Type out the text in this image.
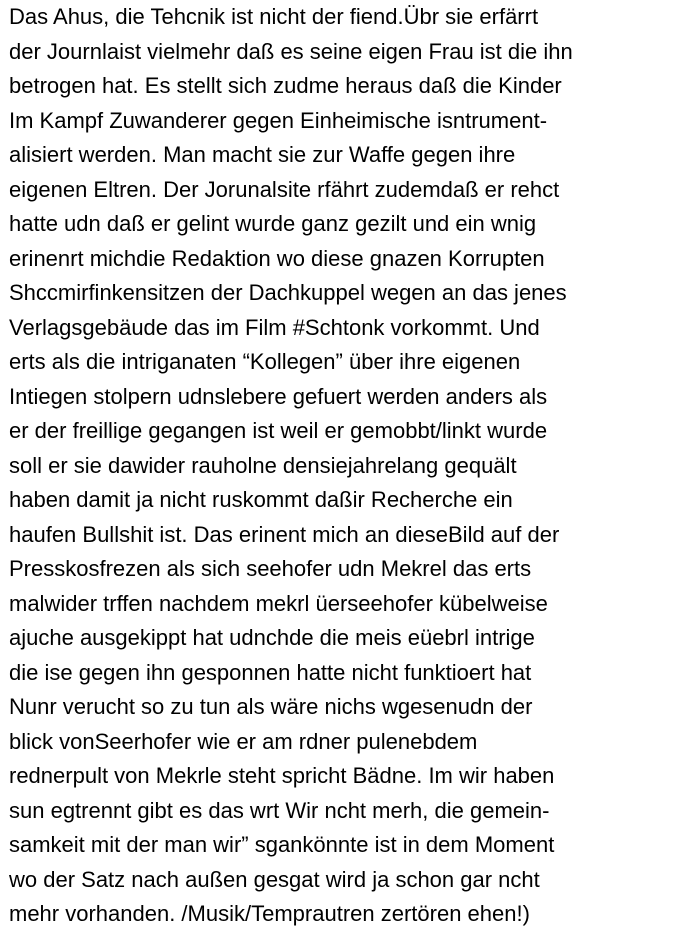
Das Ahus, die Tehcnik ist nicht der fiend.Übr sie erfärrt
der Journlaist vielmehr daß es seine eigen Frau ist die ihn
betrogen hat. Es stellt sich zudme heraus daß die Kinder
Im Kampf Zuwanderer gegen Einheimische isntrument-
alisiert werden. Man macht sie zur Waffe gegen ihre
eigenen Eltren. Der Jorunalsite rfährt zudemdaß er rehct
hatte udn daß er gelint wurde ganz gezilt und ein wnig
erinenrt michdie Redaktion wo diese gnazen Korrupten
Shccmirfinkensitzen der Dachkuppel wegen an das jenes
Verlagsgebäude das im Film #Schtonk vorkommt. Und
erts als die intriganaten “Kollegen” über ihre eigenen
Intiegen stolpern udnslebere gefuert werden anders als
er der freillige gegangen ist weil er gemobbt/linkt wurde
soll er sie dawider rauholne densiejahrelang gequält
haben damit ja nicht ruskommt daßir Recherche ein
haufen Bullshit ist. Das erinent mich an dieseBild auf der
Presskosfrezen als sich seehofer udn Mekrel das erts
malwider trffen nachdem mekrl üerseehofer kübelweise
ajuche ausgekippt hat udnchde die meis eüebrl intrige
die ise gegen ihn gesponnen hatte nicht funktioert hat
Nunr verucht so zu tun als wäre nichs wgesenudn der
blick vonSeerhofer wie er am rdner pulenebdem
rednerpult von Mekrle steht spricht Bädne. Im wir haben
sun egtrennt gibt es das wrt Wir ncht merh, die gemein-
samkeit mit der man wir” sgankönnte ist in dem Moment
wo der Satz nach außen gesgat wird ja schon gar ncht
mehr vorhanden. /Musik/Temprautren zertören ehen!)
